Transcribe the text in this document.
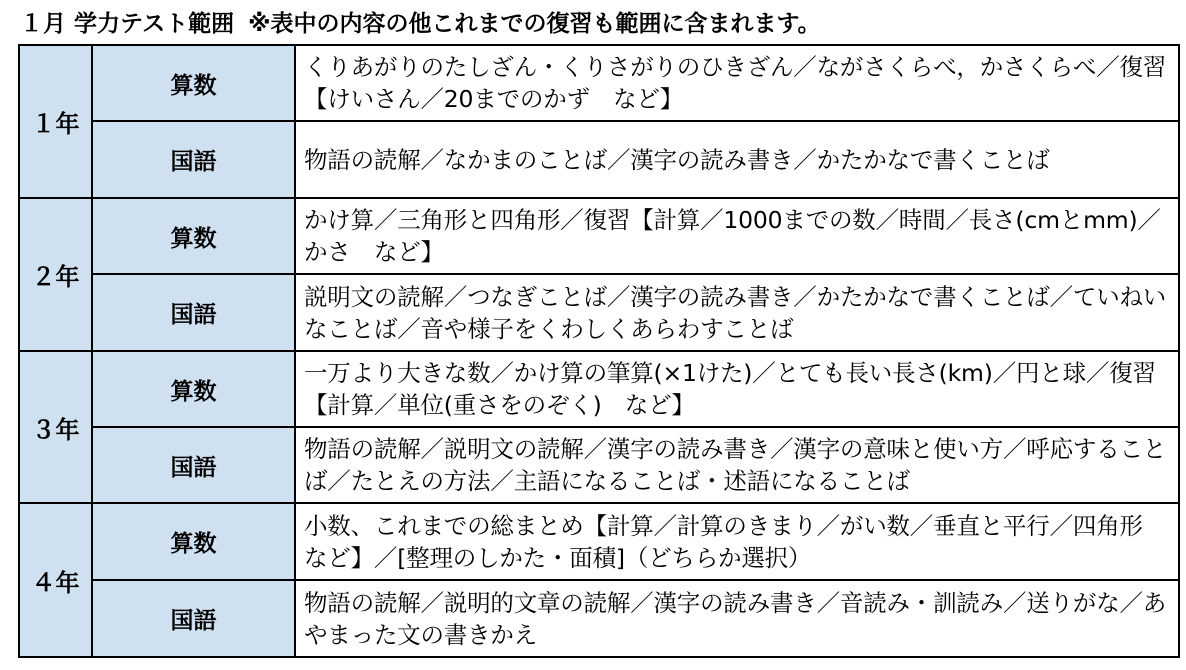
１月 学力テスト範囲 ※表中の内容の他これまでの復習も範囲に含まれます。
１年	算数	くりあがりのたしざん・くりさがりのひきざん／ながさくらべ，かさくらべ／復習【けいさん／20までのかず　など】
	国語	物語の読解／なかまのことば／漢字の読み書き／かたかなで書くことば
２年	算数	かけ算／三角形と四角形／復習【計算／1000までの数／時間／長さ(cmとmm)／かさ　など】
	国語	説明文の読解／つなぎことば／漢字の読み書き／かたかなで書くことば／ていねいなことば／音や様子をくわしくあらわすことば
３年	算数	一万より大きな数／かけ算の筆算(×1けた)／とても長い長さ(km)／円と球／復習【計算／単位(重さをのぞく)　など】
	国語	物語の読解／説明文の読解／漢字の読み書き／漢字の意味と使い方／呼応することば／たとえの方法／主語になることば・述語になることば
４年	算数	小数、これまでの総まとめ【計算／計算のきまり／がい数／垂直と平行／四角形　など】／[整理のしかた・面積]（どちらか選択）
	国語	物語の読解／説明的文章の読解／漢字の読み書き／音読み・訓読み／送りがな／あやまった文の書きかえ
